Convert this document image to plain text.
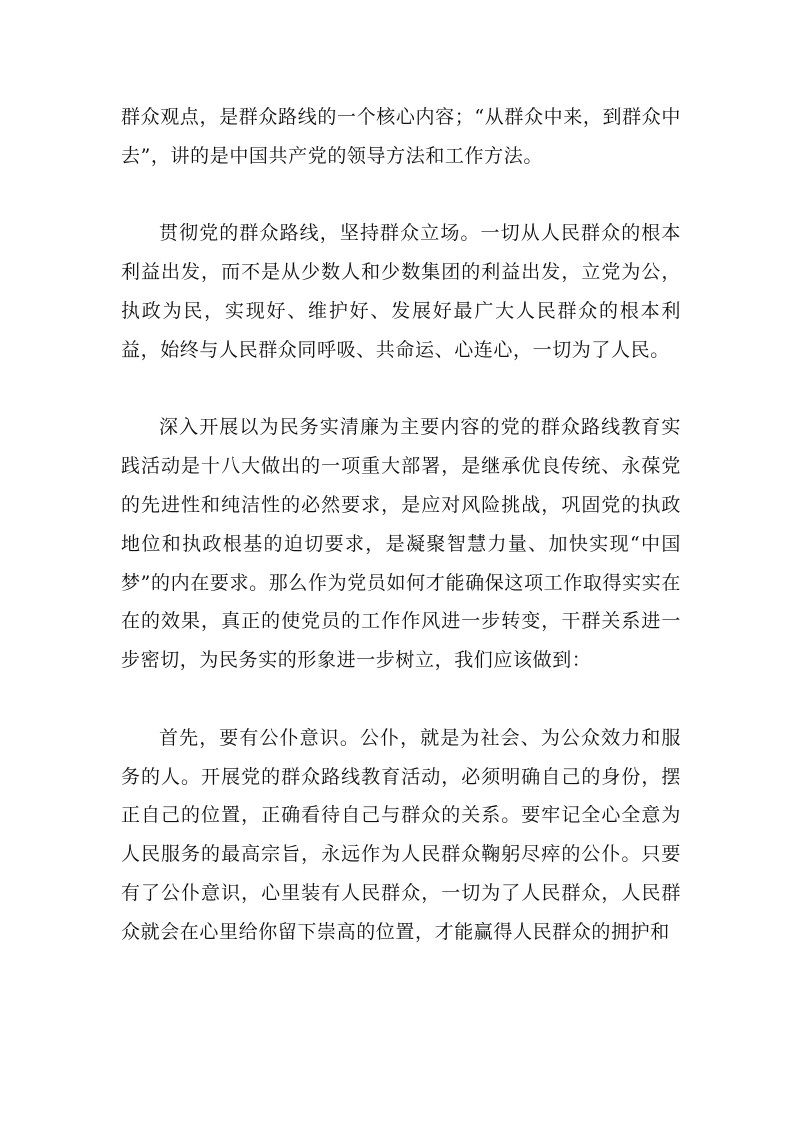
群众观点，是群众路线的一个核心内容；“从群众中来，到群众中去”，讲的是中国共产党的领导方法和工作方法。

贯彻党的群众路线，坚持群众立场。一切从人民群众的根本利益出发，而不是从少数人和少数集团的利益出发，立党为公，执政为民，实现好、维护好、发展好最广大人民群众的根本利益，始终与人民群众同呼吸、共命运、心连心，一切为了人民。

深入开展以为民务实清廉为主要内容的党的群众路线教育实践活动是十八大做出的一项重大部署，是继承优良传统、永葆党的先进性和纯洁性的必然要求，是应对风险挑战，巩固党的执政地位和执政根基的迫切要求，是凝聚智慧力量、加快实现“中国梦”的内在要求。那么作为党员如何才能确保这项工作取得实实在在的效果，真正的使党员的工作作风进一步转变，干群关系进一步密切，为民务实的形象进一步树立，我们应该做到：

首先，要有公仆意识。公仆，就是为社会、为公众效力和服务的人。开展党的群众路线教育活动，必须明确自己的身份，摆正自己的位置，正确看待自己与群众的关系。要牢记全心全意为人民服务的最高宗旨，永远作为人民群众鞠躬尽瘁的公仆。只要有了公仆意识，心里装有人民群众，一切为了人民群众，人民群众就会在心里给你留下崇高的位置，才能赢得人民群众的拥护和
